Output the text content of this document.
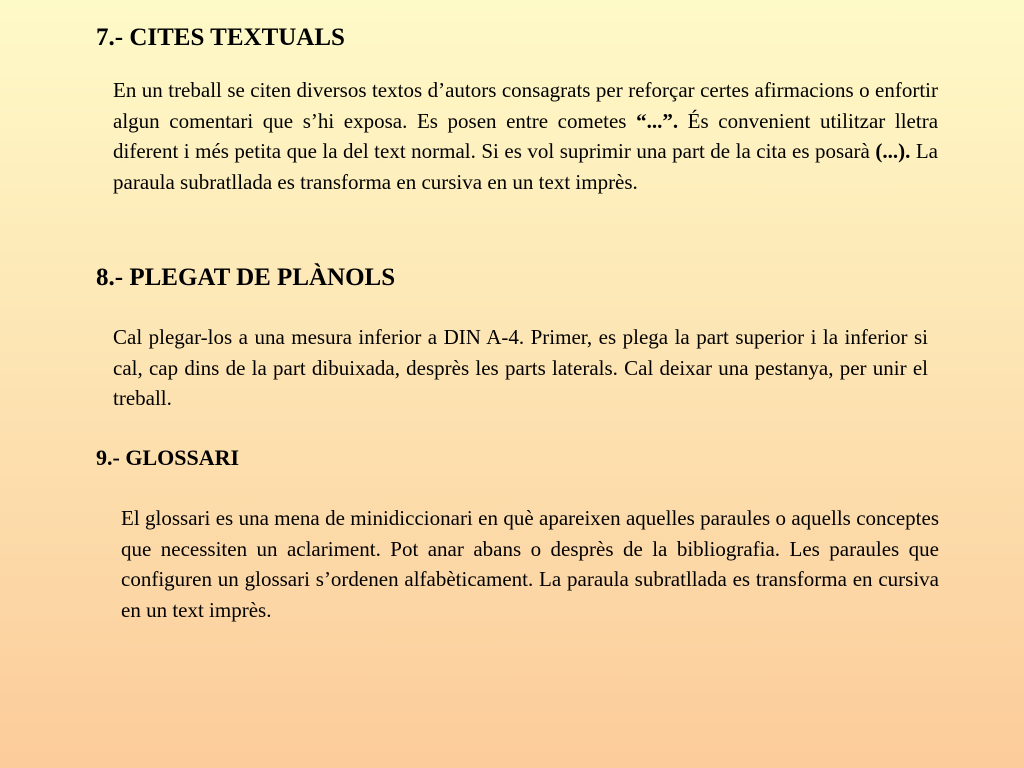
7.- CITES TEXTUALS

En un treball se citen diversos textos d’autors consagrats per reforçar certes afirmacions o enfortir algun comentari que s’hi exposa. Es posen entre cometes “...”. És convenient utilitzar lletra diferent i més petita que la del text normal. Si es vol suprimir una part de la cita es posarà (...). La paraula subratllada es transforma en cursiva en un text imprès.

8.- PLEGAT DE PLÀNOLS

Cal plegar-los a una mesura inferior a DIN A-4. Primer, es plega la part superior i la inferior si cal, cap dins de la part dibuixada, desprès les parts laterals. Cal deixar una pestanya, per unir el treball.

9.- GLOSSARI

El glossari es una mena de minidiccionari en què apareixen aquelles paraules o aquells conceptes que necessiten un aclariment. Pot anar abans o desprès de la bibliografia. Les paraules que configuren un glossari s’ordenen alfabèticament. La paraula subratllada es transforma en cursiva en un text imprès.
